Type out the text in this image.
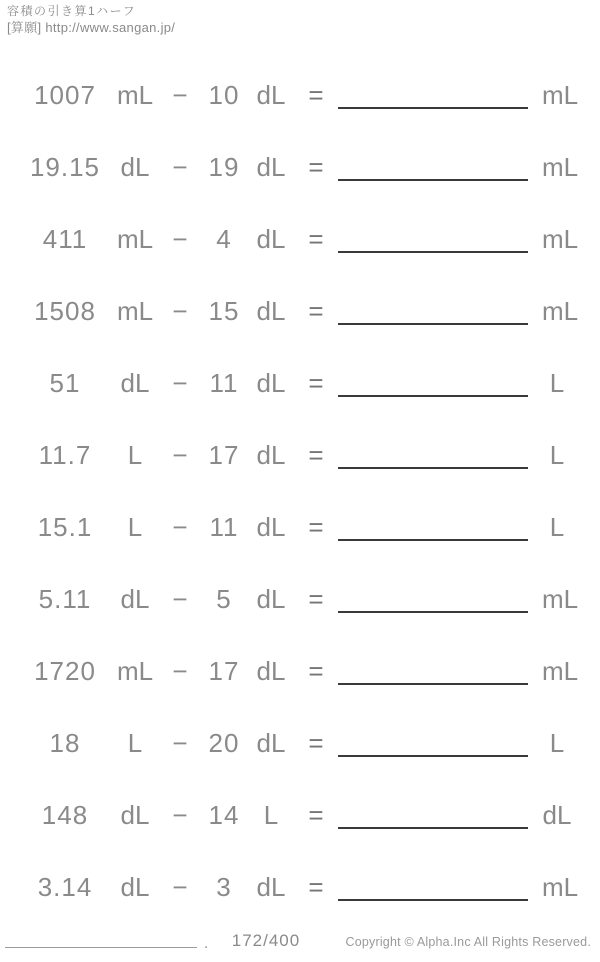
容積の引き算1ハーフ
[算願] http://www.sangan.jp/
1007 mL − 10 dL =	mL
19.15 dL − 19 dL =	mL
411	mL −	4 dL =	mL
1508 mL − 15 dL =	mL
51	dL − 11 dL =	L
11.7	L	− 17 dL =	L
15.1	L	− 11 dL =	L
5.11	dL −	5 dL =	mL
1720 mL − 17 dL =	mL
18	L	− 20 dL =	L
148	dL − 14 L	=	dL
3.14	dL −	3 dL =	mL
. 172/400	Copyright © Alpha.Inc All Rights Reserved.
